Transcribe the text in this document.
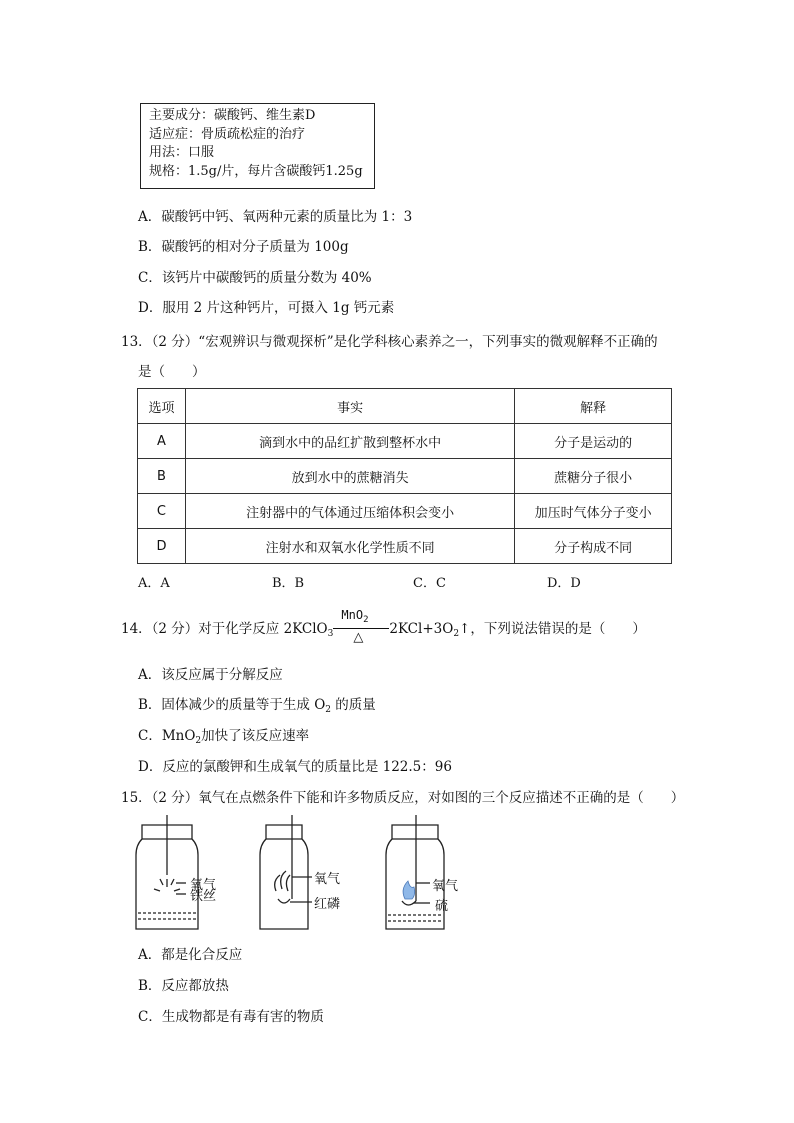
主要成分：碳酸钙、维生素D
适应症：骨质疏松症的治疗
用法：口服
规格：1.5g/片，每片含碳酸钙1.25g
A．碳酸钙中钙、氧两种元素的质量比为 1：3
B．碳酸钙的相对分子质量为 100g
C．该钙片中碳酸钙的质量分数为 40%
D．服用 2 片这种钙片，可摄入 1g 钙元素
13．（2 分）“宏观辨识与微观探析”是化学科核心素养之一，下列事实的微观解释不正确的
是（　　）
选项	事实	解释
A	滴到水中的品红扩散到整杯水中	分子是运动的
B	放到水中的蔗糖消失	蔗糖分子很小
C	注射器中的气体通过压缩体积会变小	加压时气体分子变小
D	注射水和双氧水化学性质不同	分子构成不同
A．A	B．B	C．C	D．D
14．（2 分）对于化学反应 2KClO$_3$
MnO$_2$
△
$2KCl+3O_2↑$，下列说法错误的是（　　）
A．该反应属于分解反应
B．固体减少的质量等于生成 $O_2$ 的质量
C．MnO$_2$加快了该反应速率
D．反应的氯酸钾和生成氧气的质量比是 122.5：96
15．（2 分）氧气在点燃条件下能和许多物质反应，对如图的三个反应描述不正确的是（　　）
氧气
铁丝
氧气
红磷
氧气
硫
A．都是化合反应
B．反应都放热
C．生成物都是有毒有害的物质
